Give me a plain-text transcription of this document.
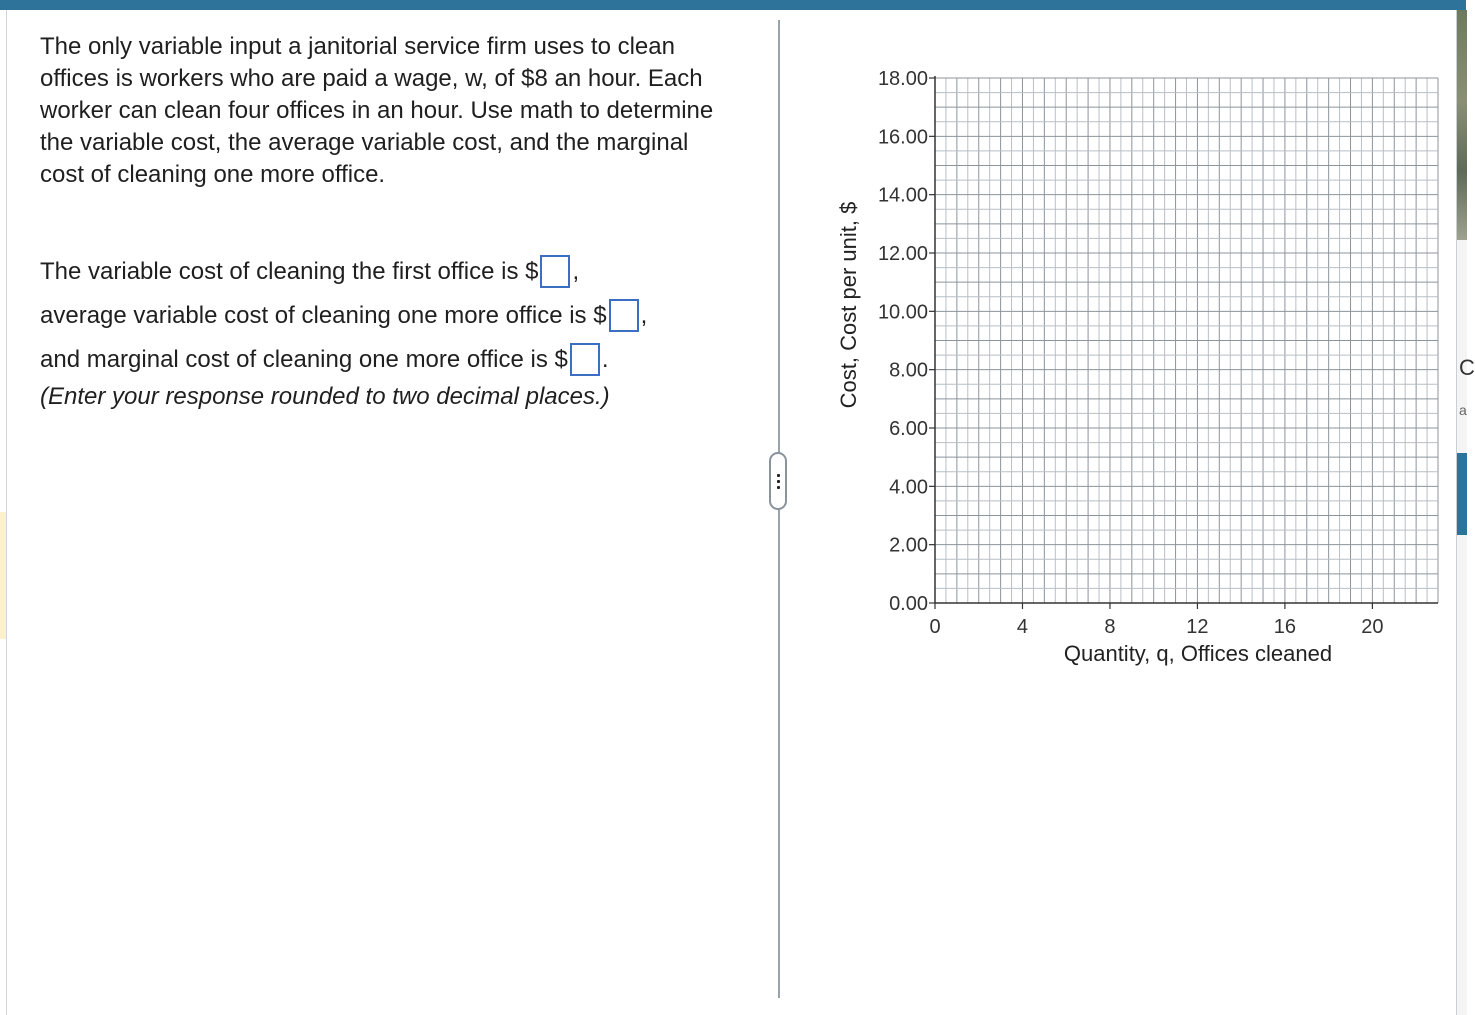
C
a
The only variable input a janitorial service firm uses to clean offices is workers who are paid a wage, w, of $8 an hour. Each worker can clean four offices in an hour. Use math to determine the variable cost, the average variable cost, and the marginal cost of cleaning one more office.
The variable cost of cleaning the first office is $ ,
average variable cost of cleaning one more office is $ ,
and marginal cost of cleaning one more office is $ .
(Enter your response rounded to two decimal places.)
0.00
2.00
4.00
6.00
8.00
10.00
12.00
14.00
16.00
18.00
0	4	8	12	16	20
Cost, Cost per unit, $
Quantity, q, Offices cleaned
